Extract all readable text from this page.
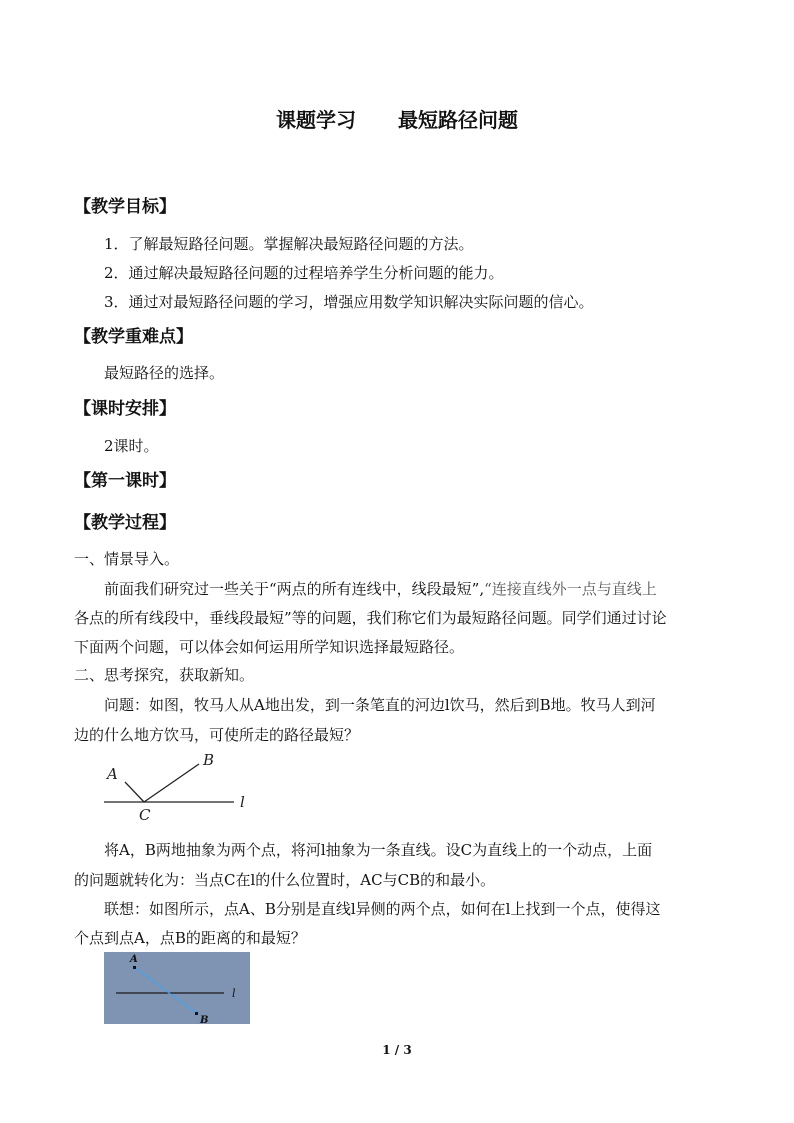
课题学习 最短路径问题
【教学目标】
1．了解最短路径问题。掌握解决最短路径问题的方法。
2．通过解决最短路径问题的过程培养学生分析问题的能力。
3．通过对最短路径问题的学习，增强应用数学知识解决实际问题的信心。
【教学重难点】
最短路径的选择。
【课时安排】
2课时。
【第一课时】
【教学过程】
一、情景导入。
前面我们研究过一些关于“两点的所有连线中，线段最短”,“连接直线外一点与直线上
各点的所有线段中，垂线段最短”等的问题，我们称它们为最短路径问题。同学们通过讨论
下面两个问题，可以体会如何运用所学知识选择最短路径。
二、思考探究，获取新知。
问题：如图，牧马人从A地出发，到一条笔直的河边l饮马，然后到B地。牧马人到河
边的什么地方饮马，可使所走的路径最短？
A
B
C
l
将A，B两地抽象为两个点，将河l抽象为一条直线。设C为直线上的一个动点，上面
的问题就转化为：当点C在l的什么位置时，AC与CB的和最小。
联想：如图所示，点A、B分别是直线l异侧的两个点，如何在l上找到一个点，使得这
个点到点A，点B的距离的和最短？
A
B
l
1 / 3
